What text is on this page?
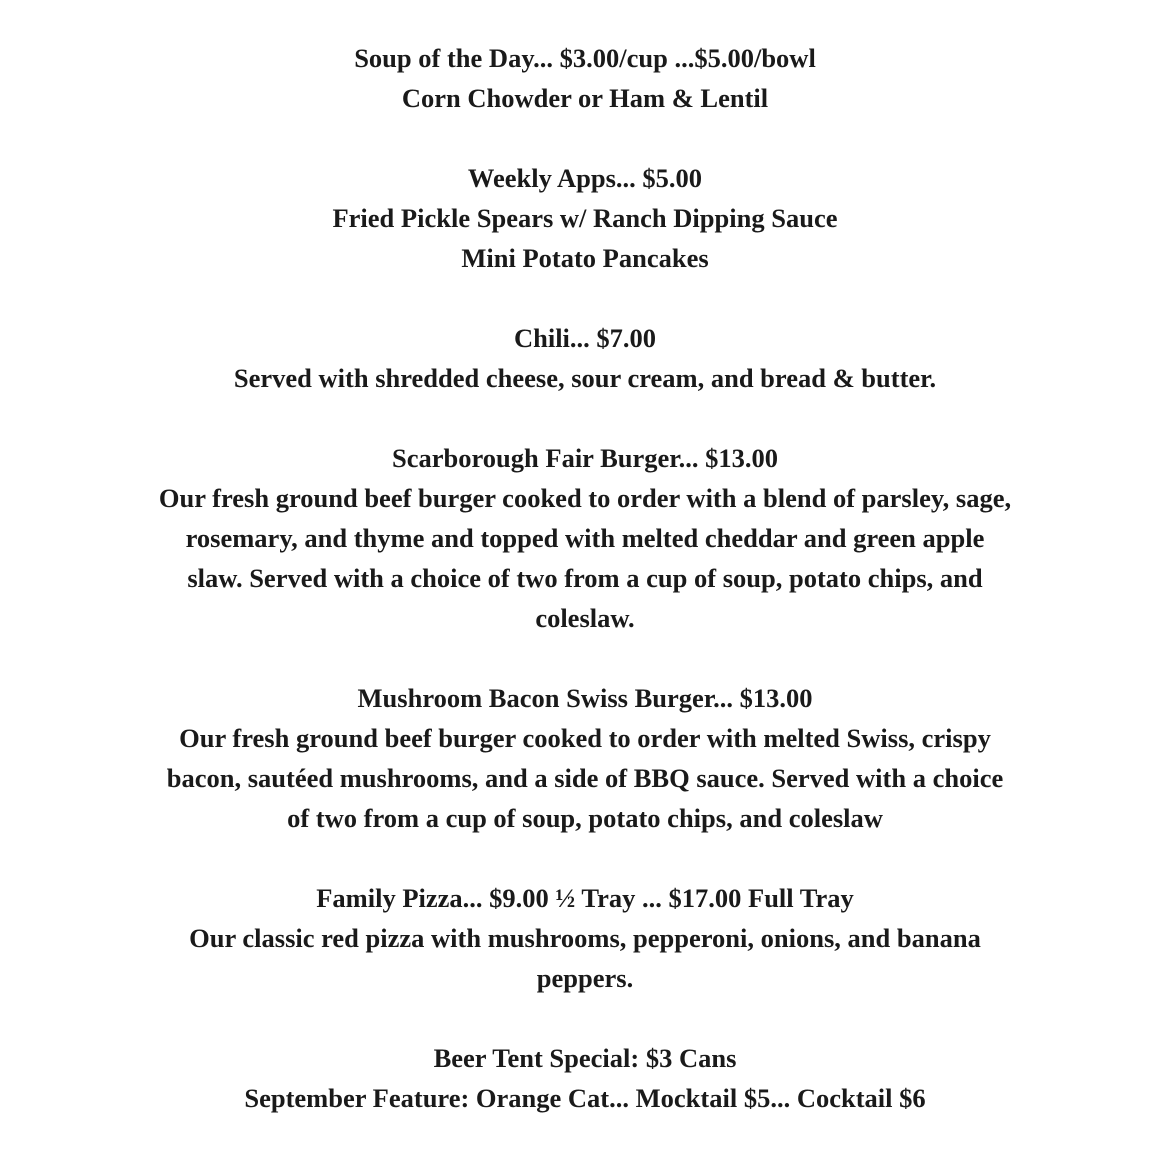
Soup of the Day... $3.00/cup ...$5.00/bowl
Corn Chowder or Ham & Lentil
Weekly Apps... $5.00
Fried Pickle Spears w/ Ranch Dipping Sauce
Mini Potato Pancakes
Chili... $7.00
Served with shredded cheese, sour cream, and bread & butter.
Scarborough Fair Burger... $13.00
Our fresh ground beef burger cooked to order with a blend of parsley, sage,
rosemary, and thyme and topped with melted cheddar and green apple
slaw. Served with a choice of two from a cup of soup, potato chips, and
coleslaw.
Mushroom Bacon Swiss Burger... $13.00
Our fresh ground beef burger cooked to order with melted Swiss, crispy
bacon, sautéed mushrooms, and a side of BBQ sauce. Served with a choice
of two from a cup of soup, potato chips, and coleslaw
Family Pizza... $9.00 ½ Tray ... $17.00 Full Tray
Our classic red pizza with mushrooms, pepperoni, onions, and banana
peppers.
Beer Tent Special: $3 Cans
September Feature: Orange Cat... Mocktail $5... Cocktail $6
